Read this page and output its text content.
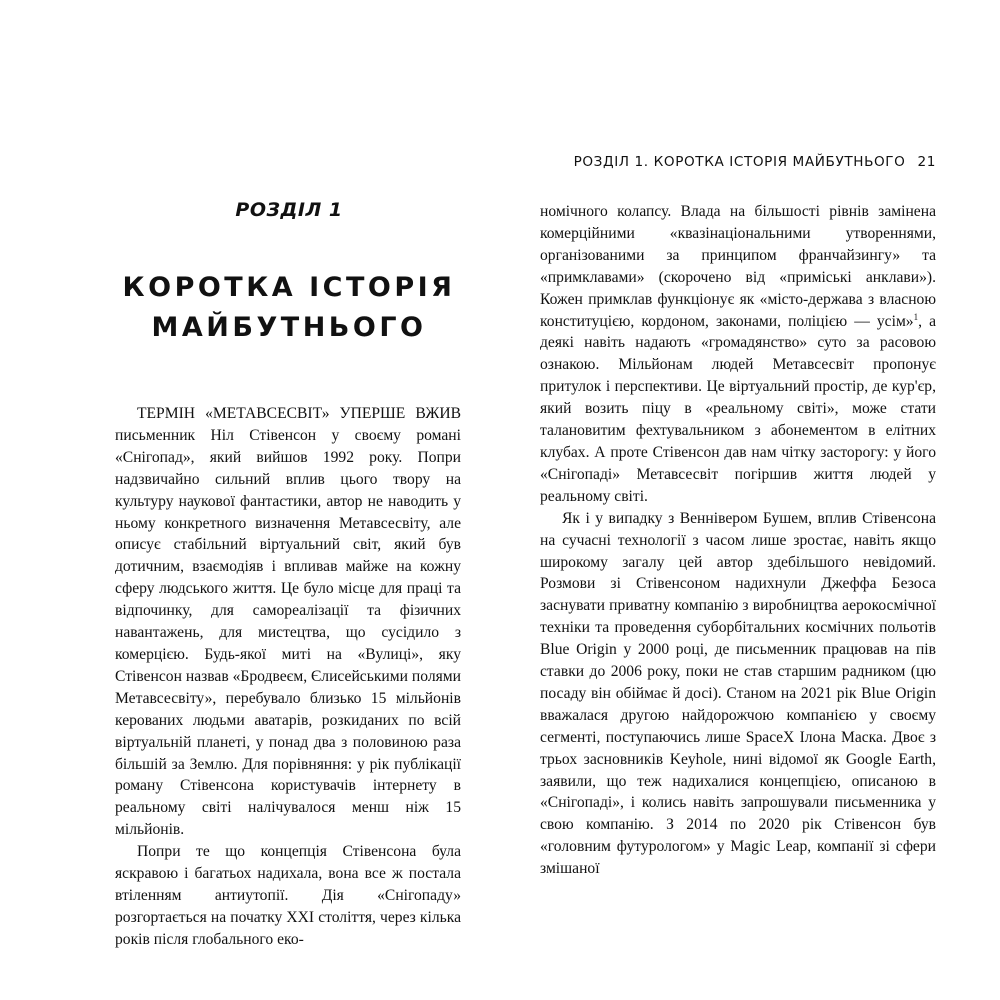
РОЗДІЛ 1
КОРОТКА ІСТОРІЯ
МАЙБУТНЬОГО

ТЕРМІН «МЕТАВСЕСВІТ» УПЕРШЕ ВЖИВ письменник Ніл Стівенсон у своєму романі «Снігопад», який вийшов 1992 року. Попри надзвичайно сильний вплив цього твору на культуру наукової фантастики, автор не наводить у ньому конкретного визначення Метавсесвіту, але описує стабільний віртуальний світ, який був дотичним, взаємодіяв і впливав майже на кожну сферу людського життя. Це було місце для праці та відпочинку, для самореалізації та фізичних навантажень, для мистецтва, що сусідило з комерцією. Будь-якої миті на «Вулиці», яку Стівенсон назвав «Бродвеєм, Єлисейськими полями Метавсесвіту», перебувало близько 15 мільйонів керованих людьми аватарів, розкиданих по всій віртуальній планеті, у понад два з половиною раза більшій за Землю. Для порівняння: у рік публікації роману Стівенсона користувачів інтернету в реальному світі налічувалося менш ніж 15 мільйонів.

Попри те що концепція Стівенсона була яскравою і багатьох надихала, вона все ж постала втіленням антиутопії. Дія «Снігопаду» розгортається на початку XXI століття, через кілька років після глобального еко-

РОЗДІЛ 1. КОРОТКА ІСТОРІЯ МАЙБУТНЬОГО 21

номічного колапсу. Влада на більшості рівнів замінена комерційними «квазінаціональними утвореннями, організованими за принципом франчайзингу» та «примклавами» (скорочено від «приміські анклави»). Кожен примклав функціонує як «місто-держава з власною конституцією, кордоном, законами, поліцією — усім»$^1$, а деякі навіть надають «громадянство» суто за расовою ознакою. Мільйонам людей Метавсесвіт пропонує притулок і перспективи. Це віртуальний простір, де кур'єр, який возить піцу в «реальному світі», може стати талановитим фехтувальником з абонементом в елітних клубах. А проте Стівенсон дав нам чітку засторогу: у його «Снігопаді» Метавсесвіт погіршив життя людей у реальному світі.

Як і у випадку з Веннівером Бушем, вплив Стівенсона на сучасні технології з часом лише зростає, навіть якщо широкому загалу цей автор здебільшого невідомий. Розмови зі Стівенсоном надихнули Джеффа Безоса заснувати приватну компанію з виробництва аерокосмічної техніки та проведення суборбітальних космічних польотів Blue Origin у 2000 році, де письменник працював на пів ставки до 2006 року, поки не став старшим радником (цю посаду він обіймає й досі). Станом на 2021 рік Blue Origin вважалася другою найдорожчою компанією у своєму сегменті, поступаючись лише SpaceX Ілона Маска. Двоє з трьох засновників Keyhole, нині відомої як Google Earth, заявили, що теж надихалися концепцією, описаною в «Снігопаді», і колись навіть запрошували письменника у свою компанію. З 2014 по 2020 рік Стівенсон був «головним футурологом» у Magic Leap, компанії зі сфери змішаної
